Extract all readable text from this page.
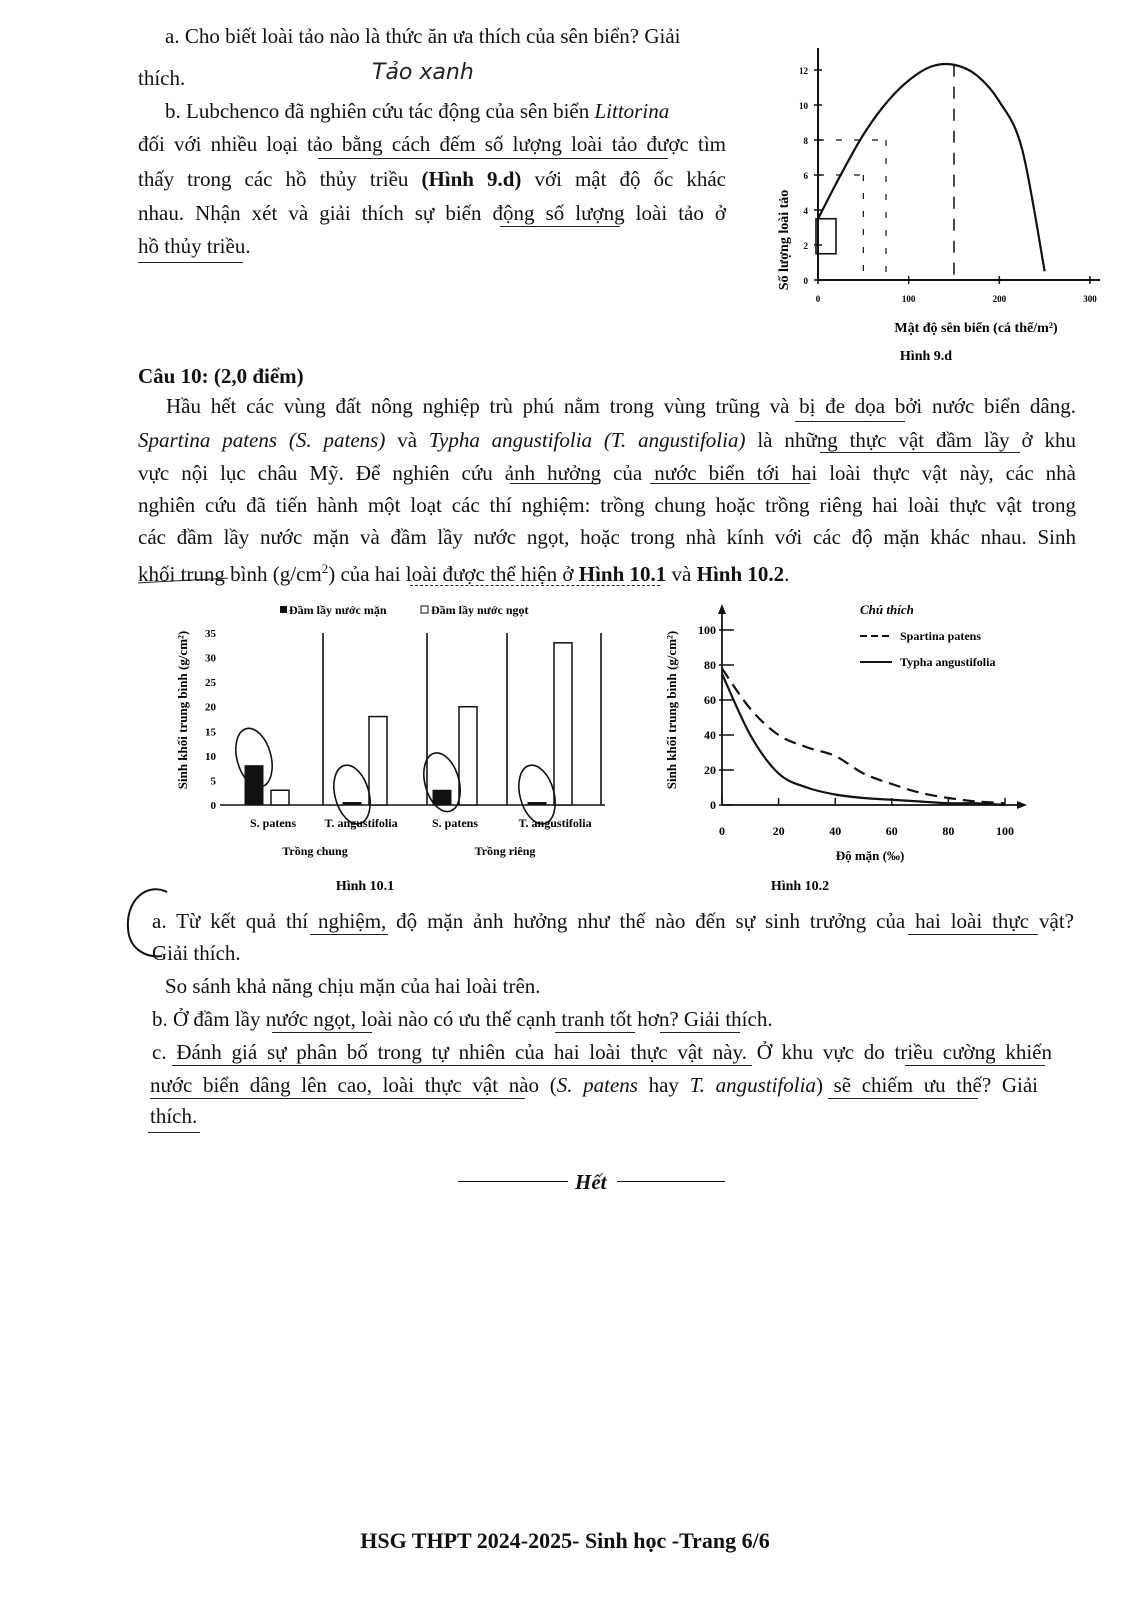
a. Cho biết loài tảo nào là thức ăn ưa thích của sên biển? Giải
thích.	Tảo xanh
b. Lubchenco đã nghiên cứu tác động của sên biển Littorina
đối với nhiều loại tảo bằng cách đếm số lượng loài tảo được tìm
thấy trong các hồ thủy triều (Hình 9.d) với mật độ ốc khác
nhau. Nhận xét và giải thích sự biến động số lượng loài tảo ở
hồ thủy triều.
0
2
4
6
8
10
12
0	100	200	300
Số lượng loài tảo
Mật độ sên biển (cá thể/m²)
Hình 9.d
Câu 10: (2,0 điểm)
Hầu hết các vùng đất nông nghiệp trù phú nằm trong vùng trũng và bị đe dọa bởi nước biển dâng.
Spartina patens (S. patens) và Typha angustifolia (T. angustifolia) là những thực vật đầm lầy ở khu
vực nội lục châu Mỹ. Để nghiên cứu ảnh hưởng của nước biển tới hai loài thực vật này, các nhà
nghiên cứu đã tiến hành một loạt các thí nghiệm: trồng chung hoặc trồng riêng hai loài thực vật trong
các đầm lầy nước mặn và đầm lầy nước ngọt, hoặc trong nhà kính với các độ mặn khác nhau. Sinh
khối trung bình $(g/cm^2)$ của hai loài được thể hiện ở Hình 10.1 và Hình 10.2.
Đầm lầy nước mặn	Đầm lầy nước ngọt
0
5
10
15
20
25
30
35
Sinh khối trung bình (g/cm²)
S. patens T. angustifolia	S. patens	T. angustifolia
Trồng chung	Trồng riêng
Hình 10.1
0
20
40
60
80
100
0	20	40	60	80	100
Chú thích
Spartina patens
Typha angustifolia
Sinh khối trung bình (g/cm²)
Độ mặn (‰)
Hình 10.2
a. Từ kết quả thí nghiệm, độ mặn ảnh hưởng như thế nào đến sự sinh trưởng của hai loài thực vật?
Giải thích.
So sánh khả năng chịu mặn của hai loài trên.
b. Ở đầm lầy nước ngọt, loài nào có ưu thế cạnh tranh tốt hơn? Giải thích.
c. Đánh giá sự phân bố trong tự nhiên của hai loài thực vật này. Ở khu vực do triều cường khiến
nước biển dâng lên cao, loài thực vật nào (S. patens hay T. angustifolia) sẽ chiếm ưu thế? Giải
thích.
Hết
HSG THPT 2024-2025- Sinh học -Trang 6/6
